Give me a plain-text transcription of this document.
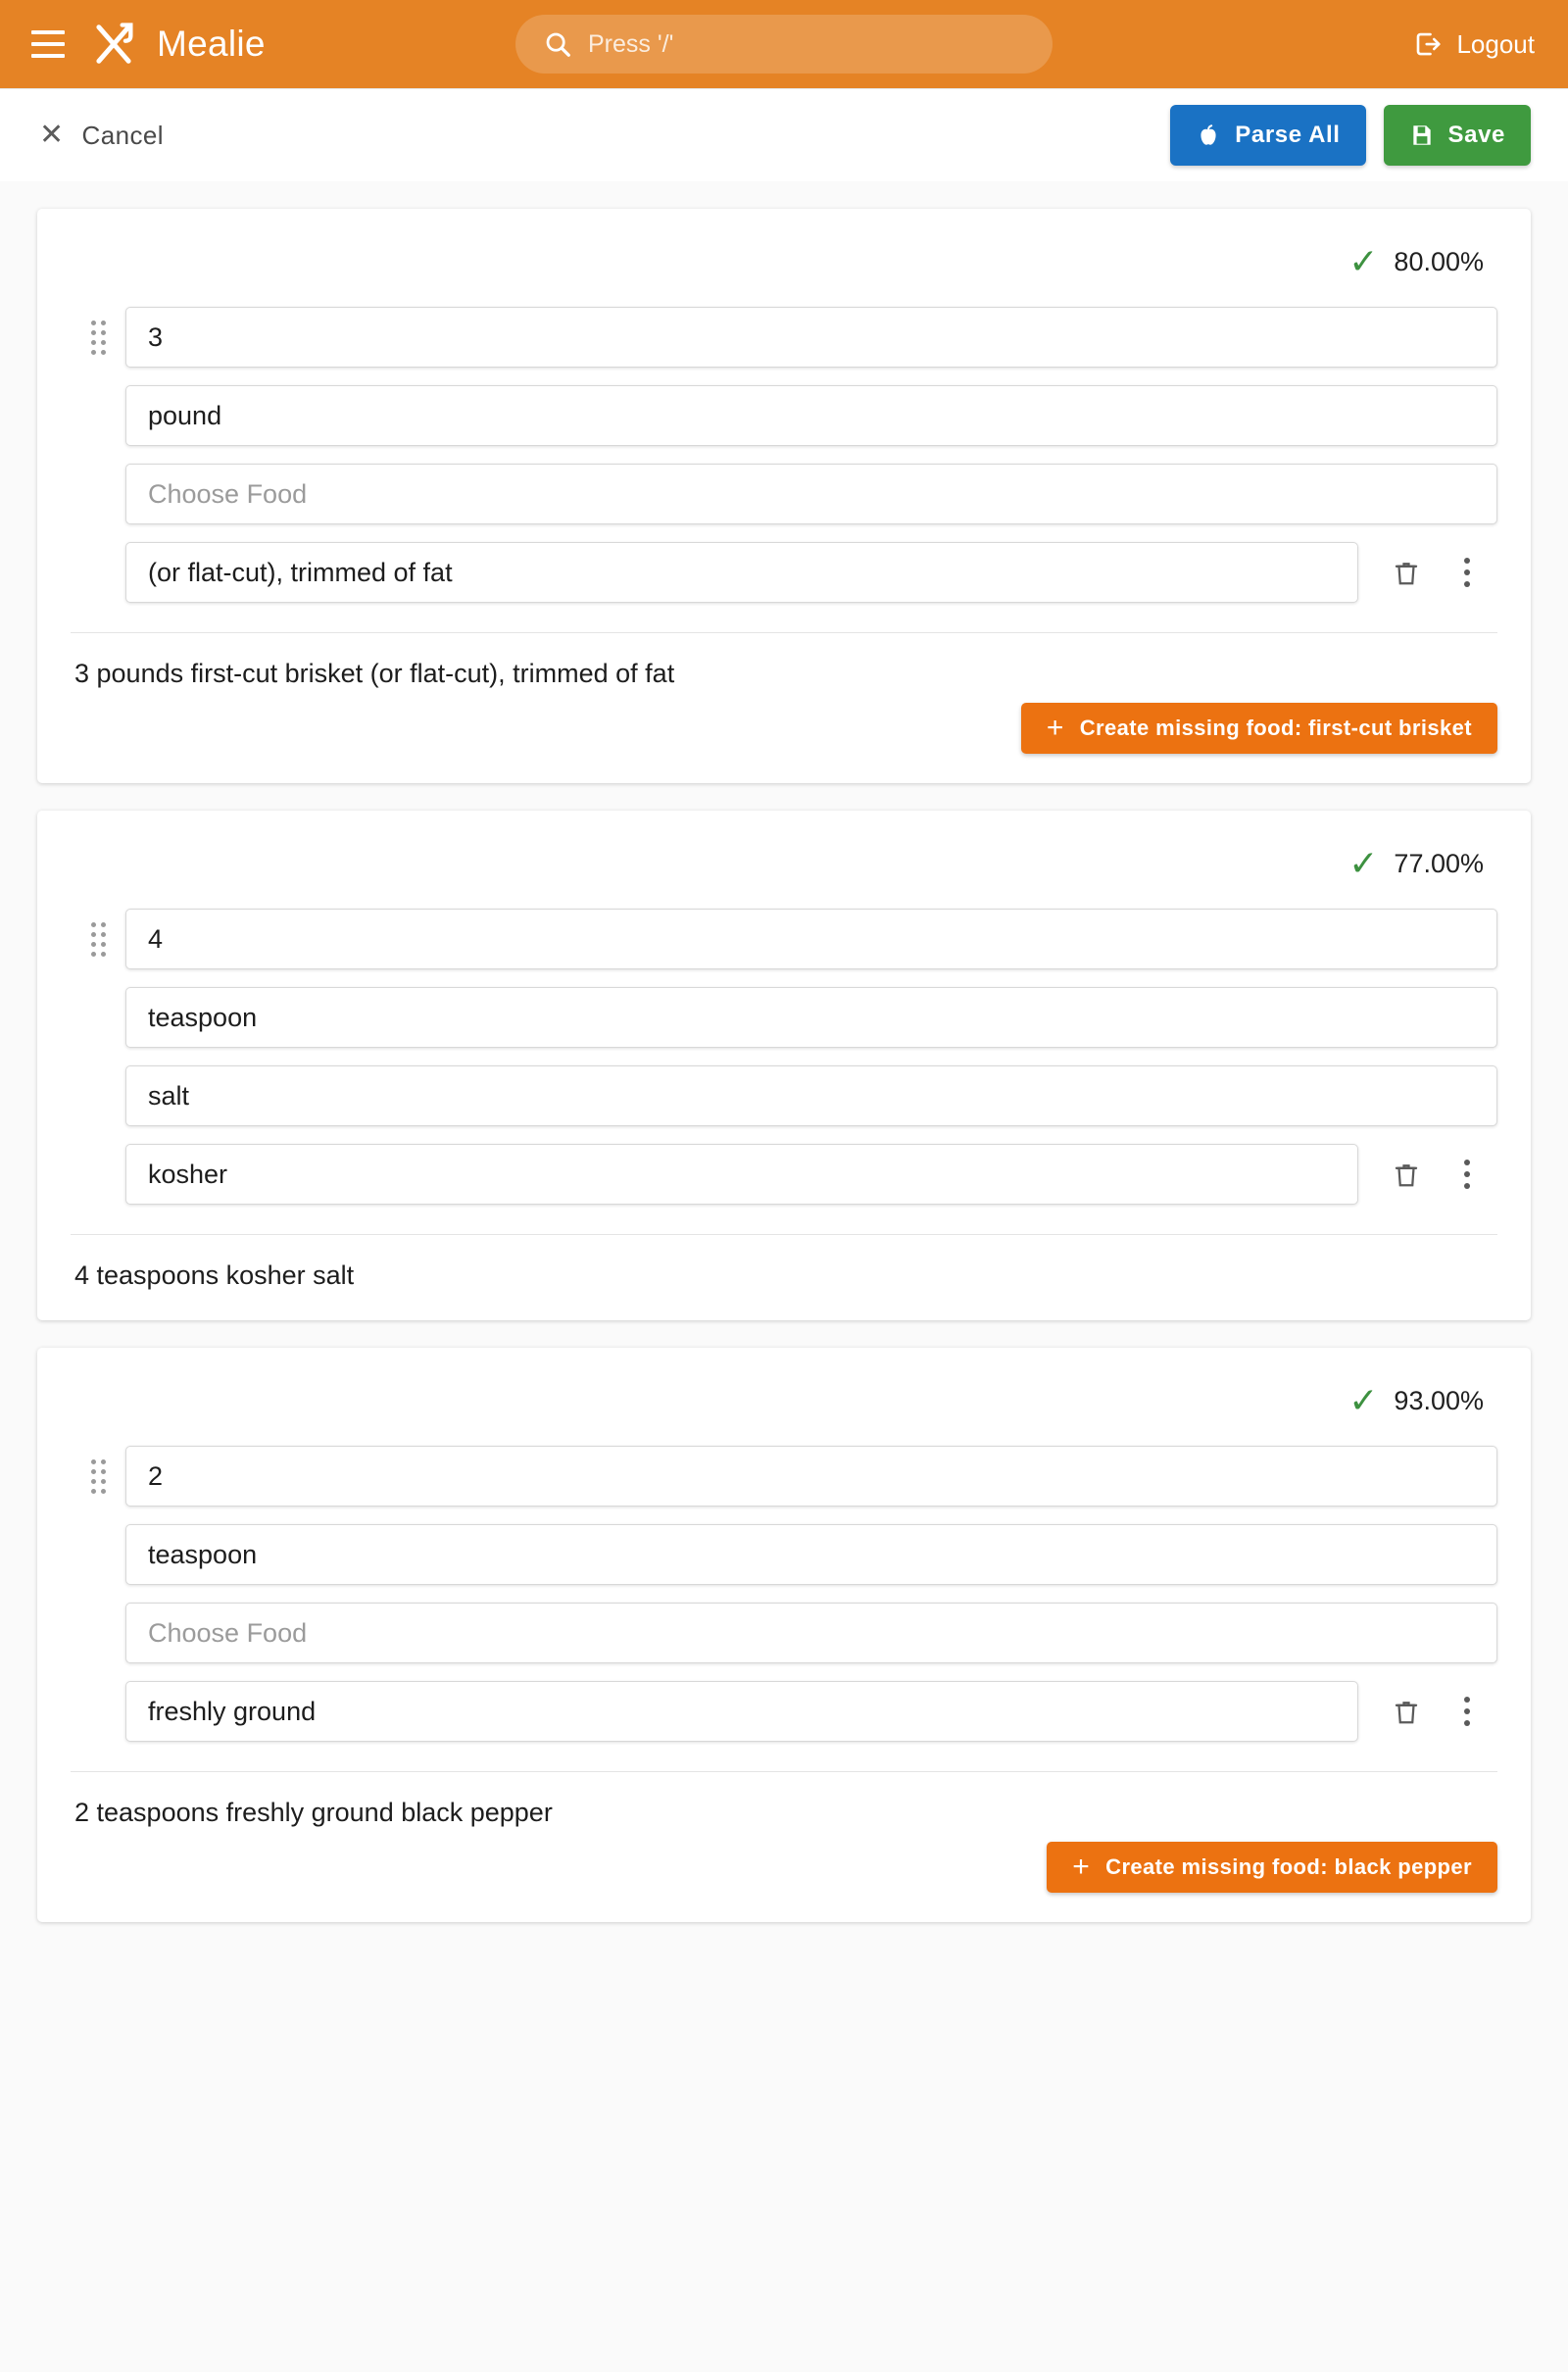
Mealie	Press '/'	Logout
✕ Cancel	Parse All	Save
✓ 80.00%
3
pound
Choose Food
(or flat-cut), trimmed of fat
3 pounds first-cut brisket (or flat-cut), trimmed of fat
+ Create missing food: first-cut brisket
✓ 77.00%
4
teaspoon
salt
kosher
4 teaspoons kosher salt
✓ 93.00%
2
teaspoon
Choose Food
freshly ground
2 teaspoons freshly ground black pepper
+ Create missing food: black pepper
